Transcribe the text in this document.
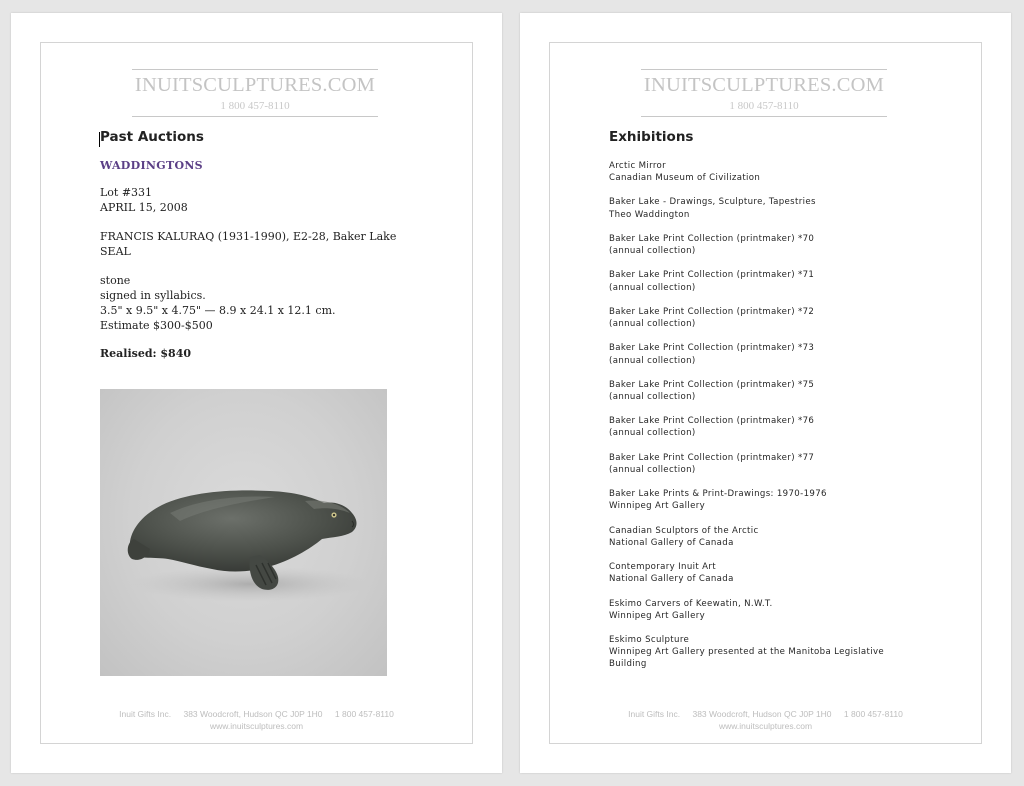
INUITSCULPTURES.COM
1 800 457-8110
Past Auctions
WADDINGTONS
Lot #331
APRIL 15, 2008
FRANCIS KALURAQ (1931-1990), E2-28, Baker Lake
SEAL
stone
signed in syllabics.
3.5" x 9.5" x 4.75" — 8.9 x 24.1 x 12.1 cm.
Estimate $300-$500
Realised: $840
Inuit Gifts Inc. 383 Woodcroft, Hudson QC J0P 1H0 1 800 457-8110
www.inuitsculptures.com
INUITSCULPTURES.COM
1 800 457-8110
Exhibitions
Arctic Mirror
Canadian Museum of Civilization
Baker Lake - Drawings, Sculpture, Tapestries
Theo Waddington
Baker Lake Print Collection (printmaker) *70
(annual collection)
Baker Lake Print Collection (printmaker) *71
(annual collection)
Baker Lake Print Collection (printmaker) *72
(annual collection)
Baker Lake Print Collection (printmaker) *73
(annual collection)
Baker Lake Print Collection (printmaker) *75
(annual collection)
Baker Lake Print Collection (printmaker) *76
(annual collection)
Baker Lake Print Collection (printmaker) *77
(annual collection)
Baker Lake Prints & Print-Drawings: 1970-1976
Winnipeg Art Gallery
Canadian Sculptors of the Arctic
National Gallery of Canada
Contemporary Inuit Art
National Gallery of Canada
Eskimo Carvers of Keewatin, N.W.T.
Winnipeg Art Gallery
Eskimo Sculpture
Winnipeg Art Gallery presented at the Manitoba Legislative
Building
Inuit Gifts Inc. 383 Woodcroft, Hudson QC J0P 1H0 1 800 457-8110
www.inuitsculptures.com
